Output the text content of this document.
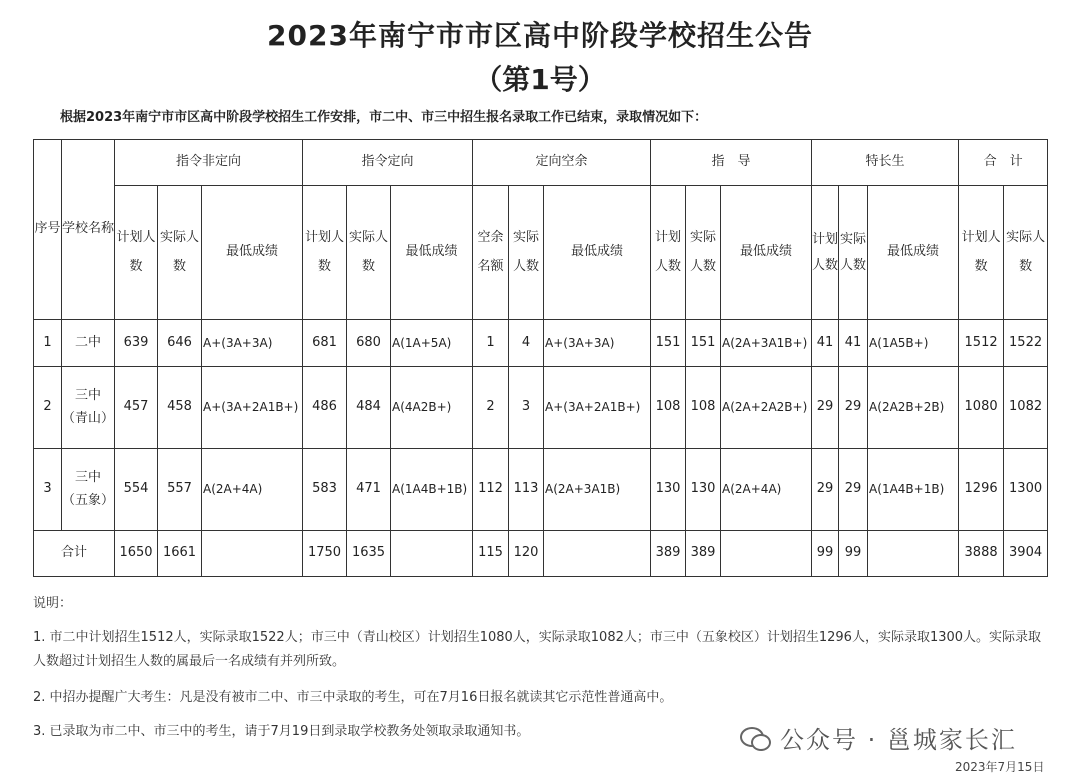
2023年南宁市市区高中阶段学校招生公告
（第1号）
根据2023年南宁市市区高中阶段学校招生工作安排，市二中、市三中招生报名录取工作已结束，录取情况如下：
序号	学校名称	指令非定向			指令定向			定向空余			指　导			特长生			合　计	
		计划人数	实际人数	最低成绩	计划人数	实际人数	最低成绩	空余名额	实际人数	最低成绩	计划人数	实际人数	最低成绩	计划人数	实际人数	最低成绩	计划人数	实际人数
1	二中	639	646	A+(3A+3A)	681	680	A(1A+5A)	1	4	A+(3A+3A)	151	151	A(2A+3A1B+)	41	41	A(1A5B+)	1512	1522
2	三中
（青山）	457	458	A+(3A+2A1B+)	486	484	A(4A2B+)	2	3	A+(3A+2A1B+)	108	108	A(2A+2A2B+)	29	29	A(2A2B+2B)	1080	1082
3	三中
（五象）	554	557	A(2A+4A)	583	471	A(1A4B+1B)	112	113	A(2A+3A1B)	130	130	A(2A+4A)	29	29	A(1A4B+1B)	1296	1300
合计		1650	1661		1750	1635		115	120		389	389		99	99		3888	3904
说明：
1. 市二中计划招生1512人，实际录取1522人；市三中（青山校区）计划招生1080人，实际录取1082人；市三中（五象校区）计划招生1296人，实际录取1300人。实际录取人数超过计划招生人数的属最后一名成绩有并列所致。
2. 中招办提醒广大考生：凡是没有被市二中、市三中录取的考生，可在7月16日报名就读其它示范性普通高中。
3. 已录取为市二中、市三中的考生，请于7月19日到录取学校教务处领取录取通知书。	公众号 · 邕城家长汇
2023年7月15日
